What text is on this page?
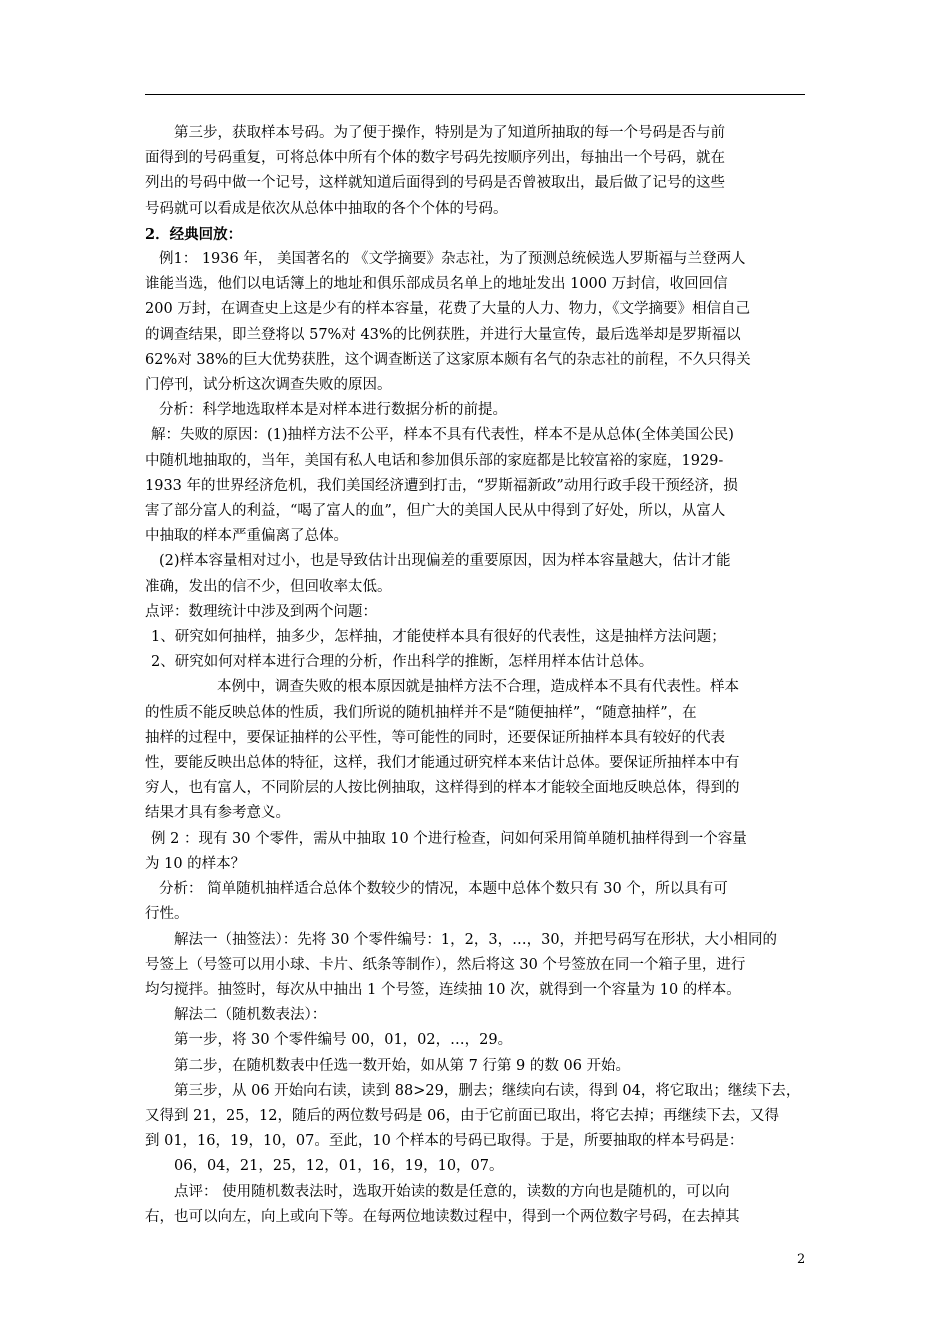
第三步，获取样本号码。为了便于操作，特别是为了知道所抽取的每一个号码是否与前

面得到的号码重复，可将总体中所有个体的数字号码先按顺序列出，每抽出一个号码，就在

列出的号码中做一个记号，这样就知道后面得到的号码是否曾被取出，最后做了记号的这些

号码就可以看成是依次从总体中抽取的各个个体的号码。

2．经典回放：

例1： 1936 年， 美国著名的 《文学摘要》杂志社，为了预测总统候选人罗斯福与兰登两人

谁能当选，他们以电话簿上的地址和俱乐部成员名单上的地址发出 1000 万封信，收回回信

200 万封，在调查史上这是少有的样本容量，花费了大量的人力、物力，《文学摘要》相信自己

的调查结果，即兰登将以 57%对 43%的比例获胜，并进行大量宣传，最后选举却是罗斯福以

62%对 38%的巨大优势获胜，这个调查断送了这家原本颇有名气的杂志社的前程，不久只得关

门停刊，试分析这次调查失败的原因。

分析：科学地选取样本是对样本进行数据分析的前提。

解：失败的原因：(1)抽样方法不公平，样本不具有代表性，样本不是从总体(全体美国公民)

中随机地抽取的，当年，美国有私人电话和参加俱乐部的家庭都是比较富裕的家庭，1929-

1933 年的世界经济危机，我们美国经济遭到打击，“罗斯福新政”动用行政手段干预经济，损

害了部分富人的利益，“喝了富人的血”，但广大的美国人民从中得到了好处，所以，从富人

中抽取的样本严重偏离了总体。

(2)样本容量相对过小，也是导致估计出现偏差的重要原因，因为样本容量越大，估计才能

准确，发出的信不少，但回收率太低。

点评：数理统计中涉及到两个问题：

1、研究如何抽样，抽多少，怎样抽，才能使样本具有很好的代表性，这是抽样方法问题；

2、研究如何对样本进行合理的分析，作出科学的推断，怎样用样本估计总体。

本例中，调查失败的根本原因就是抽样方法不合理，造成样本不具有代表性。样本

的性质不能反映总体的性质，我们所说的随机抽样并不是“随便抽样”，“随意抽样”，在

抽样的过程中，要保证抽样的公平性，等可能性的同时，还要保证所抽样本具有较好的代表

性，要能反映出总体的特征，这样，我们才能通过研究样本来估计总体。要保证所抽样本中有

穷人，也有富人，不同阶层的人按比例抽取，这样得到的样本才能较全面地反映总体，得到的

结果才具有参考意义。

例 2 ：现有 30 个零件，需从中抽取 10 个进行检查，问如何采用简单随机抽样得到一个容量

为 10 的样本？

分析： 简单随机抽样适合总体个数较少的情况，本题中总体个数只有 30 个，所以具有可

行性。

解法一（抽签法）：先将 30 个零件编号：1，2，3，…，30，并把号码写在形状，大小相同的

号签上（号签可以用小球、卡片、纸条等制作），然后将这 30 个号签放在同一个箱子里，进行

均匀搅拌。抽签时，每次从中抽出 1 个号签，连续抽 10 次，就得到一个容量为 10 的样本。

解法二（随机数表法）：

第一步，将 30 个零件编号 00，01，02，…，29。

第二步，在随机数表中任选一数开始，如从第 7 行第 9 的数 06 开始。

第三步，从 06 开始向右读，读到 88>29，删去；继续向右读，得到 04，将它取出；继续下去，

又得到 21，25，12，随后的两位数号码是 06，由于它前面已取出，将它去掉；再继续下去，又得

到 01，16，19，10，07。至此，10 个样本的号码已取得。于是，所要抽取的样本号码是：

06，04，21，25，12，01，16，19，10，07。

点评： 使用随机数表法时，选取开始读的数是任意的，读数的方向也是随机的，可以向

右，也可以向左，向上或向下等。在每两位地读数过程中，得到一个两位数字号码，在去掉其

2
